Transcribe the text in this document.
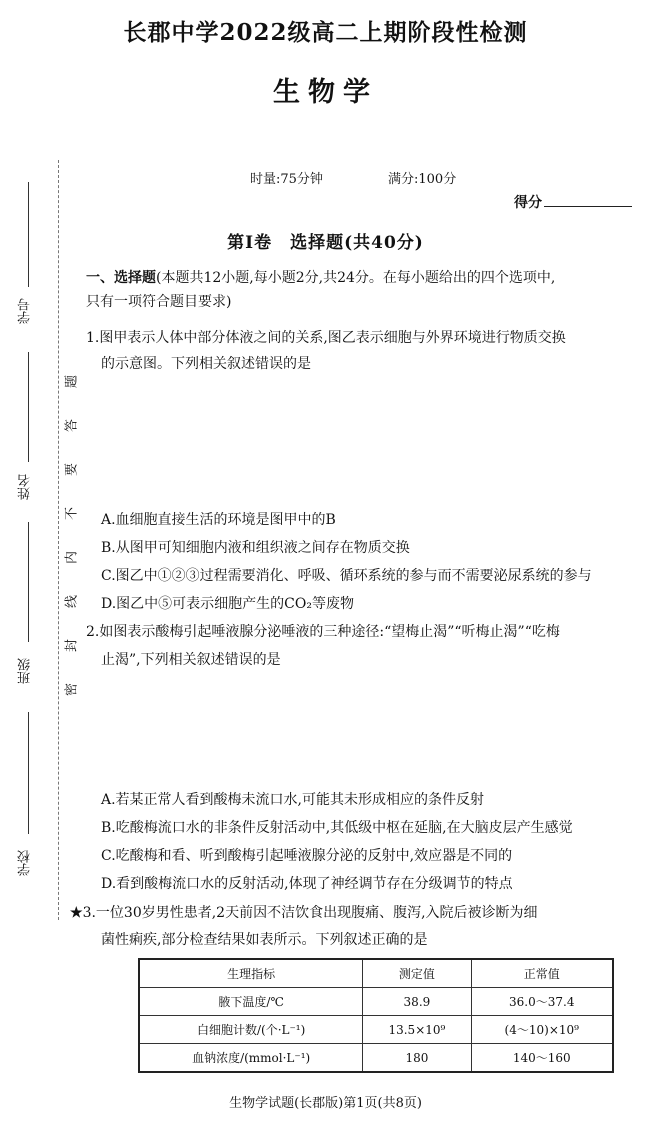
学号
姓名
班级
学校
题
答
要
不
内
线
封
密
长郡中学2022级高二上期阶段性检测
生物学
时量:75分钟	满分:100分
得分
第Ⅰ卷　选择题(共40分)
一、选择题(本题共12小题,每小题2分,共24分。在每小题给出的四个选项中,
只有一项符合题目要求)
1.图甲表示人体中部分体液之间的关系,图乙表示细胞与外界环境进行物质交换
的示意图。下列相关叙述错误的是
A.血细胞直接生活的环境是图甲中的B
B.从图甲可知细胞内液和组织液之间存在物质交换
C.图乙中①②③过程需要消化、呼吸、循环系统的参与而不需要泌尿系统的参与
D.图乙中⑤可表示细胞产生的CO₂等废物
2.如图表示酸梅引起唾液腺分泌唾液的三种途径:“望梅止渴”“听梅止渴”“吃梅
止渴”,下列相关叙述错误的是
A.若某正常人看到酸梅未流口水,可能其未形成相应的条件反射
B.吃酸梅流口水的非条件反射活动中,其低级中枢在延脑,在大脑皮层产生感觉
C.吃酸梅和看、听到酸梅引起唾液腺分泌的反射中,效应器是不同的
D.看到酸梅流口水的反射活动,体现了神经调节存在分级调节的特点
★3.一位30岁男性患者,2天前因不洁饮食出现腹痛、腹泻,入院后被诊断为细
菌性痢疾,部分检查结果如表所示。下列叙述正确的是
生理指标	测定值	正常值
腋下温度/℃	38.9	36.0～37.4
白细胞计数/(个·L⁻¹)	13.5×10⁹	(4～10)×10⁹
血钠浓度/(mmol·L⁻¹)	180	140～160
生物学试题(长郡版)第1页(共8页)
